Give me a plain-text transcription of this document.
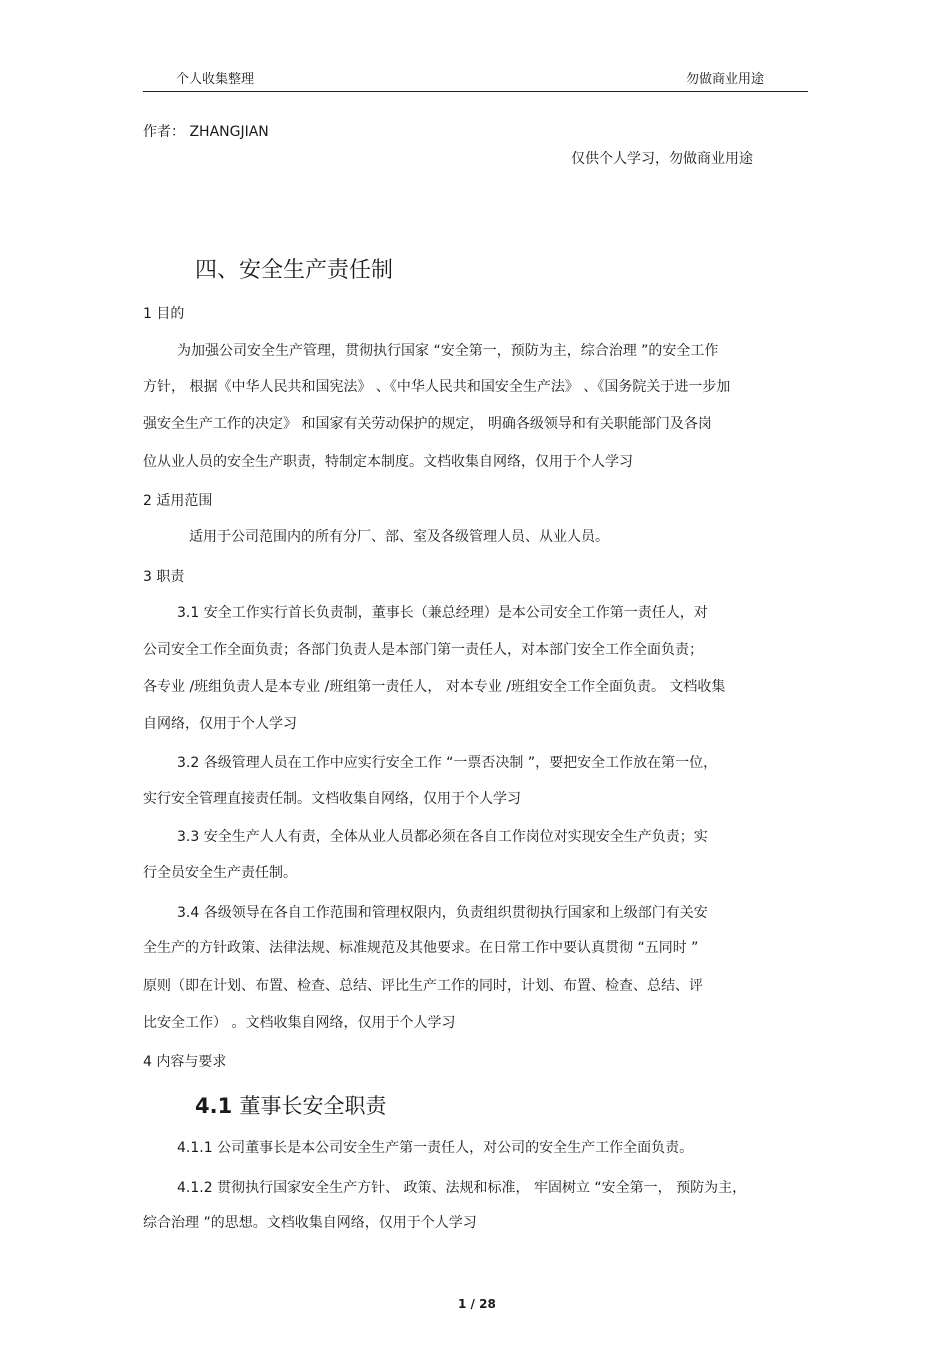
个人收集整理	勿做商业用途
作者： ZHANGJIAN
仅供个人学习，勿做商业用途
四、安全生产责任制
1 目的
为加强公司安全生产管理，贯彻执行国家 “安全第一，预防为主，综合治理 ”的安全工作
方针， 根据《中华人民共和国宪法》 、《中华人民共和国安全生产法》 、《国务院关于进一步加
强安全生产工作的决定》 和国家有关劳动保护的规定， 明确各级领导和有关职能部门及各岗
位从业人员的安全生产职责，特制定本制度。文档收集自网络，仅用于个人学习
2 适用范围
适用于公司范围内的所有分厂、部、室及各级管理人员、从业人员。
3 职责
3.1 安全工作实行首长负责制，董事长（兼总经理）是本公司安全工作第一责任人，对
公司安全工作全面负责；各部门负责人是本部门第一责任人，对本部门安全工作全面负责；
各专业 /班组负责人是本专业 /班组第一责任人， 对本专业 /班组安全工作全面负责。 文档收集
自网络，仅用于个人学习
3.2 各级管理人员在工作中应实行安全工作 “一票否决制 ”，要把安全工作放在第一位，
实行安全管理直接责任制。文档收集自网络，仅用于个人学习
3.3 安全生产人人有责，全体从业人员都必须在各自工作岗位对实现安全生产负责；实
行全员安全生产责任制。
3.4 各级领导在各自工作范围和管理权限内，负责组织贯彻执行国家和上级部门有关安
全生产的方针政策、法律法规、标准规范及其他要求。在日常工作中要认真贯彻 “五同时 ”
原则（即在计划、布置、检查、总结、评比生产工作的同时，计划、布置、检查、总结、评
比安全工作） 。文档收集自网络，仅用于个人学习
4 内容与要求
4.1 董事长安全职责
4.1.1 公司董事长是本公司安全生产第一责任人，对公司的安全生产工作全面负责。
4.1.2 贯彻执行国家安全生产方针、 政策、法规和标准， 牢固树立 “安全第一， 预防为主，
综合治理 ”的思想。文档收集自网络，仅用于个人学习
1 / 28
